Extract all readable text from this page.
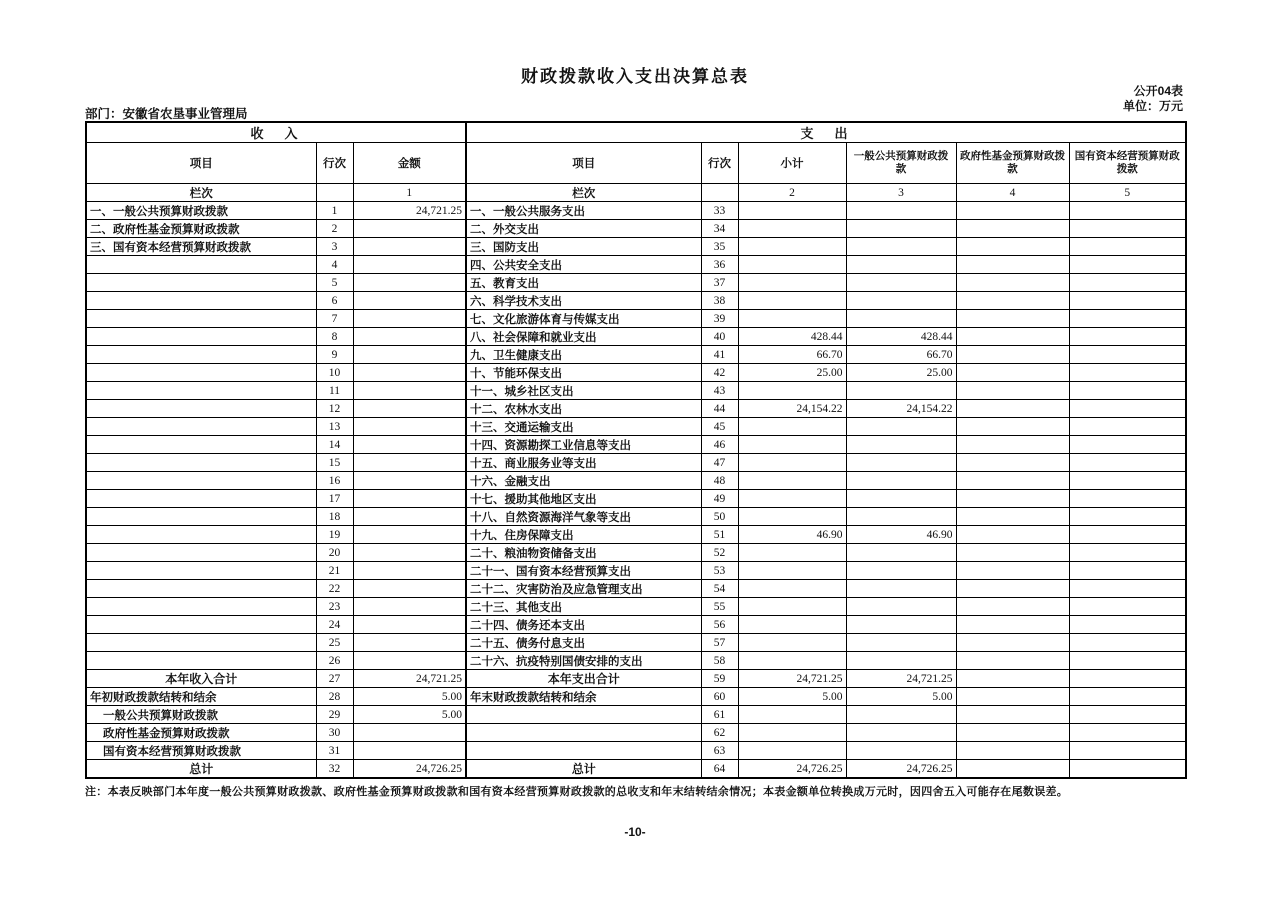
财政拨款收入支出决算总表
公开04表
单位：万元
部门：安徽省农垦事业管理局
收　入			支　出					
项目	行次	金额	项目	行次	小计	一般公共预算财政拨款	政府性基金预算财政拨款	国有资本经营预算财政拨款
栏次		1	栏次		2	3	4	5
一、一般公共预算财政拨款	1	24,721.25	一、一般公共服务支出	33				
二、政府性基金预算财政拨款	2		二、外交支出	34				
三、国有资本经营预算财政拨款	3		三、国防支出	35				
	4		四、公共安全支出	36				
	5		五、教育支出	37				
	6		六、科学技术支出	38				
	7		七、文化旅游体育与传媒支出	39				
	8		八、社会保障和就业支出	40	428.44	428.44		
	9		九、卫生健康支出	41	66.70	66.70		
	10		十、节能环保支出	42	25.00	25.00		
	11		十一、城乡社区支出	43				
	12		十二、农林水支出	44	24,154.22	24,154.22		
	13		十三、交通运输支出	45				
	14		十四、资源勘探工业信息等支出	46				
	15		十五、商业服务业等支出	47				
	16		十六、金融支出	48				
	17		十七、援助其他地区支出	49				
	18		十八、自然资源海洋气象等支出	50				
	19		十九、住房保障支出	51	46.90	46.90		
	20		二十、粮油物资储备支出	52				
	21		二十一、国有资本经营预算支出	53				
	22		二十二、灾害防治及应急管理支出	54				
	23		二十三、其他支出	55				
	24		二十四、债务还本支出	56				
	25		二十五、债务付息支出	57				
	26		二十六、抗疫特别国债安排的支出	58				
本年收入合计	27	24,721.25	本年支出合计	59	24,721.25	24,721.25		
年初财政拨款结转和结余	28	5.00	年末财政拨款结转和结余	60	5.00	5.00		
一般公共预算财政拨款	29	5.00		61				
政府性基金预算财政拨款	30			62				
国有资本经营预算财政拨款	31			63				
总计	32	24,726.25	总计	64	24,726.25	24,726.25		
注：本表反映部门本年度一般公共预算财政拨款、政府性基金预算财政拨款和国有资本经营预算财政拨款的总收支和年末结转结余情况；本表金额单位转换成万元时，因四舍五入可能存在尾数误差。
-10-
